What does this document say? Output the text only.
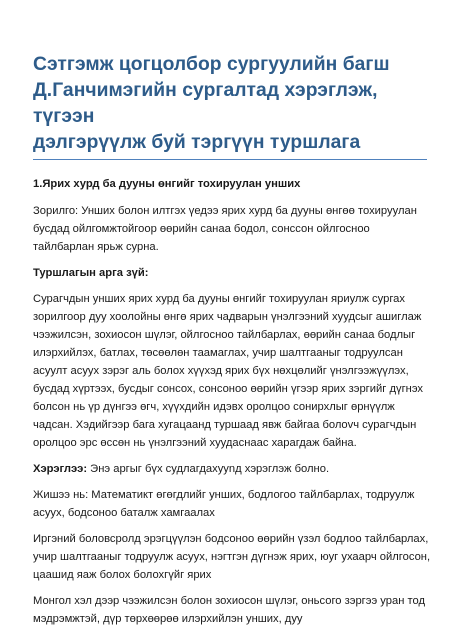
Сэтгэмж цогцолбор сургуулийн багш
Д.Ганчимэгийн сургалтад хэрэглэж, түгээн
дэлгэрүүлж буй тэргүүн туршлага

1.Ярих хурд ба дууны өнгийг тохируулан унших

Зорилго: Унших болон илтгэх үедээ ярих хурд ба дууны өнгөө тохируулан бусдад ойлгомжтойгоор өөрийн санаа бодол, сонссон ойлгосноо тайлбарлан ярьж сурна.

Туршлагын арга зүй:

Сурагчдын унших ярих хурд ба дууны өнгийг тохируулан яриулж сургах зорилгоор дуу хоолойны өнгө ярих чадварын үнэлгээний хуудсыг ашиглаж чээжилсэн, зохиосон шүлэг, ойлгосноо тайлбарлах, өөрийн санаа бодлыг илэрхийлэх, батлах, төсөөлөн таамаглах, учир шалтгааныг тодруулсан асуулт асуух зэрэг аль болох хүүхэд ярих бүх нөхцөлийг үнэлгээжүүлэх, бусдад хүртээх, бусдыг сонсох, сонсоноо өөрийн үгээр ярих зэргийг дүгнэх болсон нь үр дүнгээ өгч, хүүхдийн идэвх оролцоо сонирхлыг өрнүүлж чадсан. Хэдийгээр бага хугацаанд туршаад явж байгаа болovч сурагчдын оролцоо эрс өссөн нь үнэлгээний хуудаснаас харагдаж байна.

Хэрэглээ: Энэ аргыг бүх судлагдахууnд хэрэглэж болно.

Жишээ нь: Математикт өгөгдлийг унших, бодлогоо тайлбарлах, тодруулж асуух, бодсоноо баталж хамгаалах

Иргэний боловсролд эрэгцүүлэн бодсоноо өөрийн үзэл бодлоо тайлбарлах, учир шалтгааныг тодруулж асуух, нэгтгэн дүгнэж ярих, юуг ухаарч ойлгосон, цаашид яаж болох болохгүйг ярих

Монгол хэл дээр чээжилсэн болон зохиосон шүлэг, оньсого зэргээ уран тод мэдрэмжтэй, дүр төрхөөрөө илэрхийлэн унших, дуу
